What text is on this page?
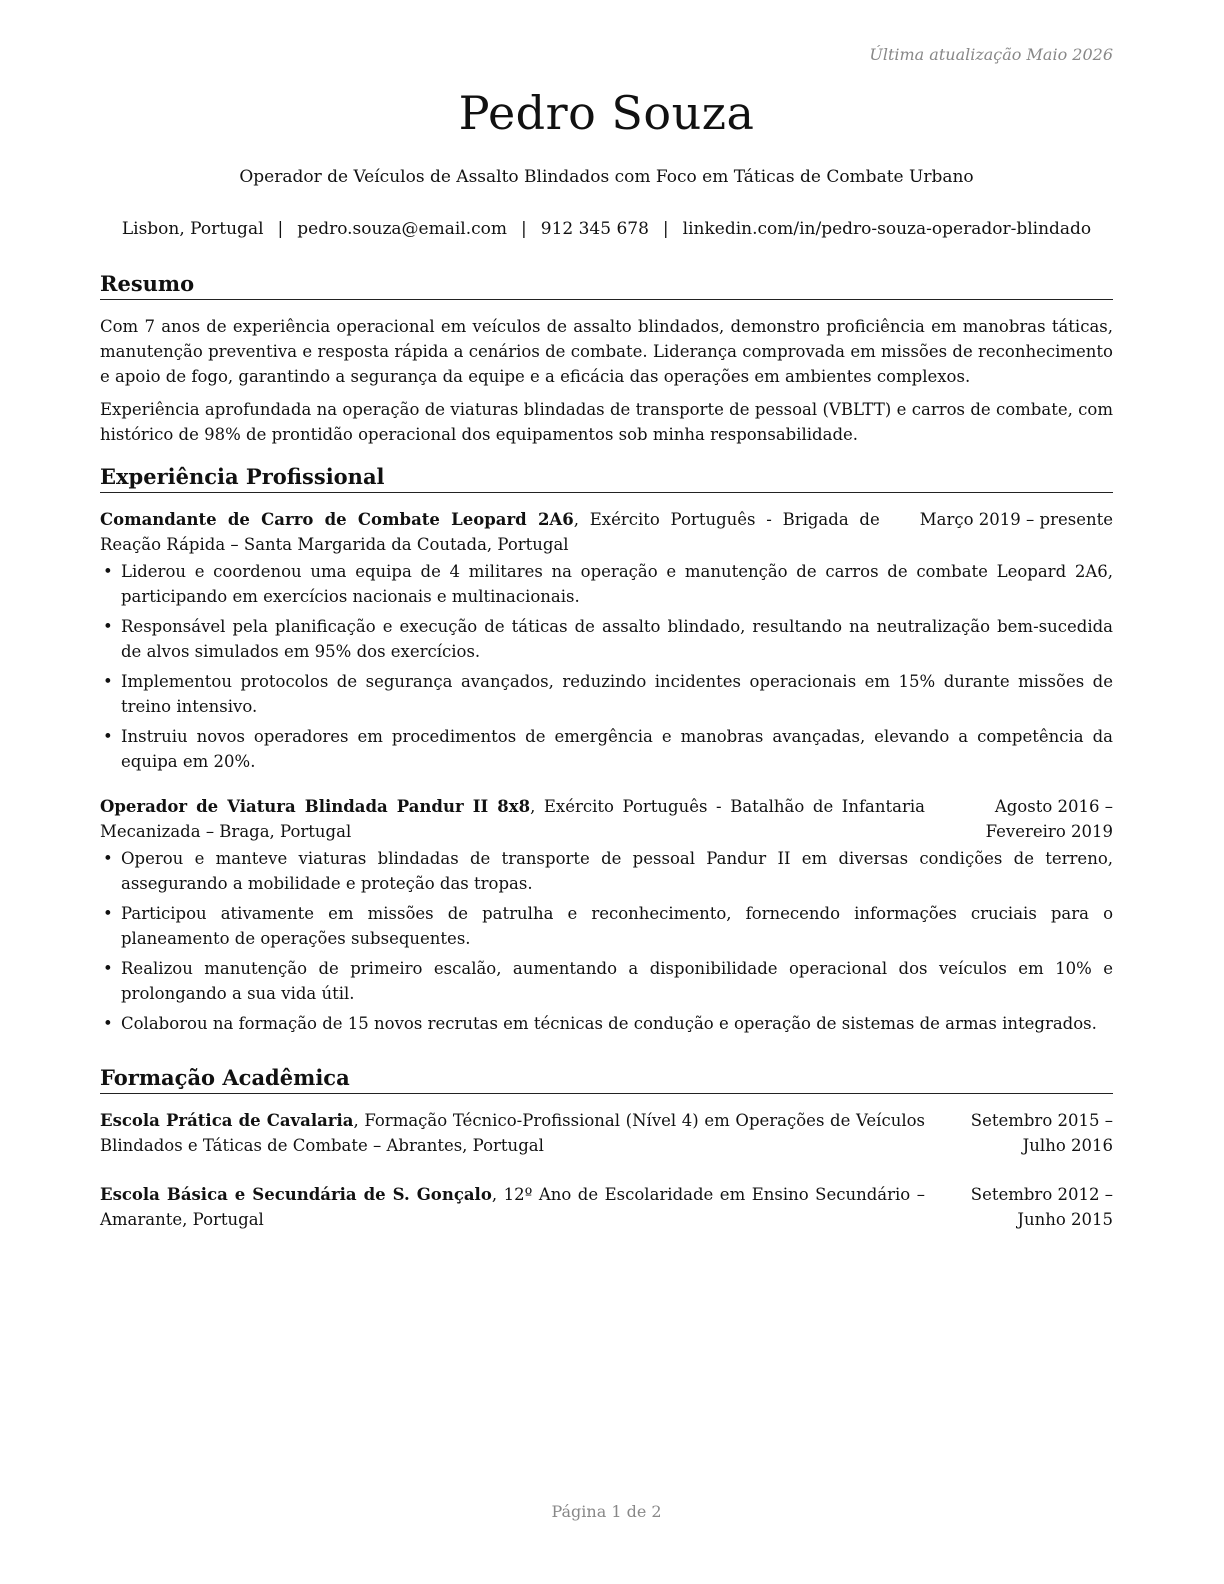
Última atualização Maio 2026
Pedro Souza
Operador de Veículos de Assalto Blindados com Foco em Táticas de Combate Urbano
Lisbon, Portugal | pedro.souza@email.com | 912 345 678 | linkedin.com/in/pedro-souza-operador-blindado
Resumo

Com 7 anos de experiência operacional em veículos de assalto blindados, demonstro proficiência em manobras táticas, manutenção preventiva e resposta rápida a cenários de combate. Liderança comprovada em missões de reconhecimento e apoio de fogo, garantindo a segurança da equipe e a eficácia das operações em ambientes complexos.

Experiência aprofundada na operação de viaturas blindadas de transporte de pessoal (VBLTT) e carros de combate, com histórico de 98% de prontidão operacional dos equipamentos sob minha responsabilidade.

Experiência Profissional
Comandante de Carro de Combate Leopard 2A6, Exército Português - Brigada de Reação Rápida – Santa Margarida da Coutada, Portugal
Março 2019 – presente
• Liderou e coordenou uma equipa de 4 militares na operação e manutenção de carros de combate Leopard 2A6, participando em exercícios nacionais e multinacionais.
• Responsável pela planificação e execução de táticas de assalto blindado, resultando na neutralização bem-sucedida de alvos simulados em 95% dos exercícios.
• Implementou protocolos de segurança avançados, reduzindo incidentes operacionais em 15% durante missões de treino intensivo.
• Instruiu novos operadores em procedimentos de emergência e manobras avançadas, elevando a competência da equipa em 20%.
Operador de Viatura Blindada Pandur II 8x8, Exército Português - Batalhão de Infantaria Mecanizada – Braga, Portugal
Agosto 2016 – Fevereiro 2019
• Operou e manteve viaturas blindadas de transporte de pessoal Pandur II em diversas condições de terreno, assegurando a mobilidade e proteção das tropas.
• Participou ativamente em missões de patrulha e reconhecimento, fornecendo informações cruciais para o planeamento de operações subsequentes.
• Realizou manutenção de primeiro escalão, aumentando a disponibilidade operacional dos veículos em 10% e prolongando a sua vida útil.
• Colaborou na formação de 15 novos recrutas em técnicas de condução e operação de sistemas de armas integrados.
Formação Acadêmica
Escola Prática de Cavalaria, Formação Técnico-Profissional (Nível 4) em Operações de Veículos Blindados e Táticas de Combate – Abrantes, Portugal
Setembro 2015 – Julho 2016
Escola Básica e Secundária de S. Gonçalo, 12º Ano de Escolaridade em Ensino Secundário – Amarante, Portugal
Setembro 2012 – Junho 2015
Página 1 de 2
